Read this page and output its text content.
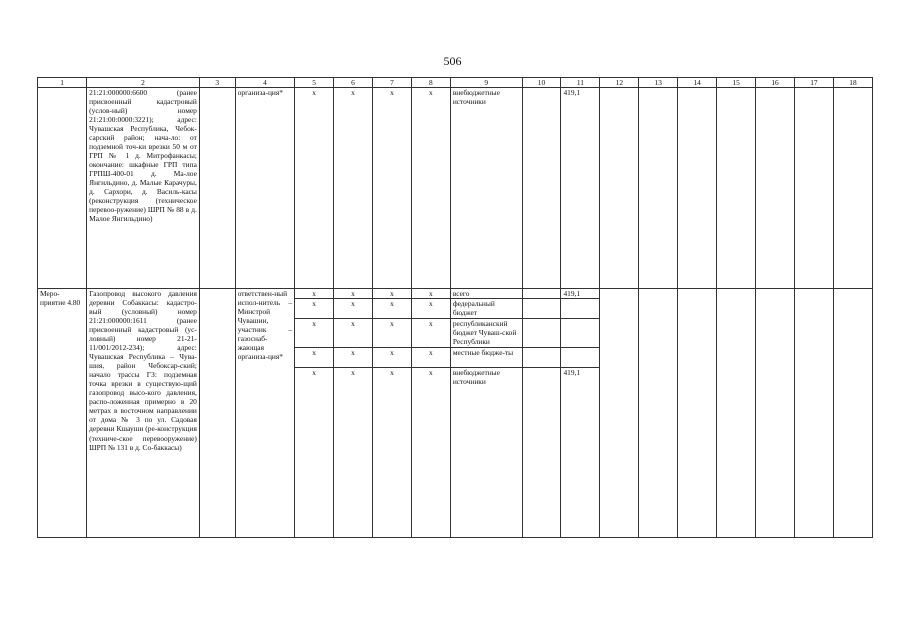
506
1	2	3	4	5	6	7	8	9	10	11	12	13	14	15	16	17	18
	21:21:000000:6600 (ранее присвоенный кадастровый (услов-ный) номер 21:21:00:0000:3221); адрес: Чувашская Республика, Чебок-сарский район; нача-ло: от подземной точ-ки врезки 50 м от ГРП № 1 д. Митрофанкасы; окончание: шкафные ГРП типа ГРПШ-400-01 д. Ма-лое Янгильдино, д. Малые Карачуры, д. Сархори, д. Василь-касы (реконструкция (техническое перевоо-ружение) ШРП № 88 в д. Малое Янгильдино)		организа-ция*	x	x	x	x	внебюджетные источники		419,1							
Меро-приятие 4.80	Газопровод высокого давления деревни Собаккасы: кадастро-вый (условный) номер 21:21:000000:1611 (ранее присвоенный кадастровый (ус-ловный) номер 21-21-11/001/2012-234); адрес: Чувашская Республика – Чува-шия, район Чебоксар-ский; начало трассы ГЗ: подземная точка врезки в существую-щий газопровод высо-кого давления, распо-ложенная примерно в 20 метрах в восточном направлении от дома № 3 по ул. Садовая деревни Кшауши (ре-конструкция (техниче-ское перевооружение) ШРП № 131 в д. Со-баккасы)		ответствен-ный испол-нитель – Минстрой Чувашии, участник – газоснаб-жающая организа-ция*	x	x	x	x	всего		419,1							
				x	x	x	x	федеральный бюджет									
				x	x	x	x	республиканский бюджет Чуваш-ской Республики									
				x	x	x	x	местные бюдже-ты									
				x	x	x	x	внебюджетные источники		419,1							
